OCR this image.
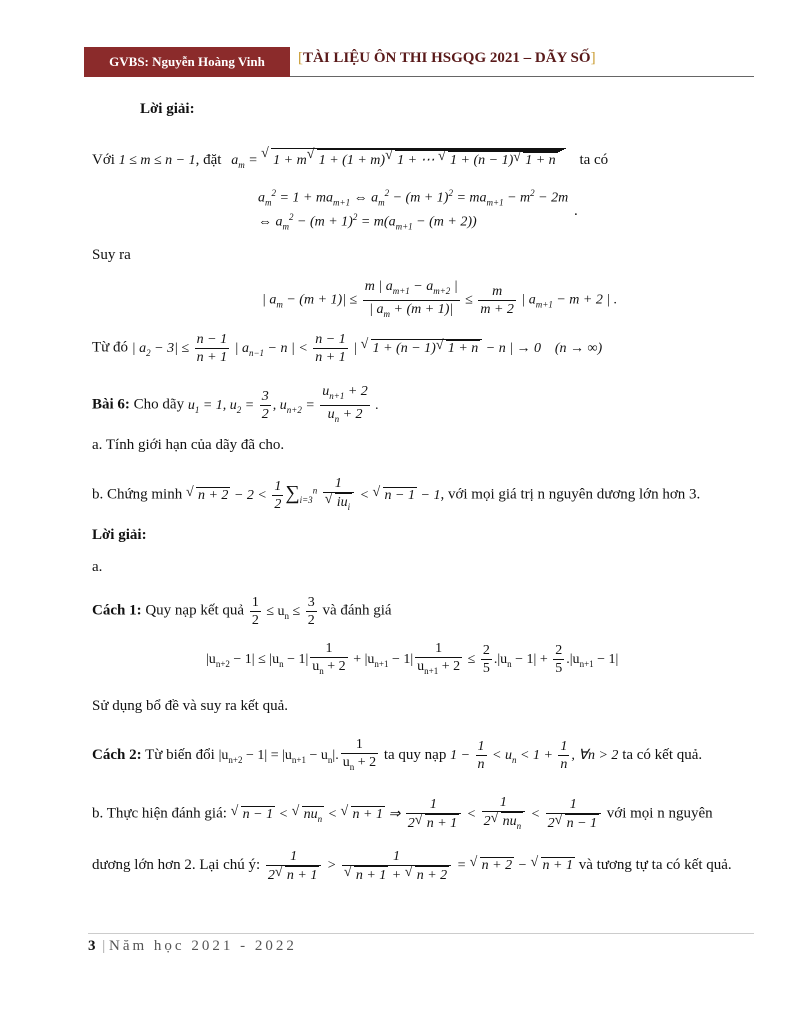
GVBS: Nguyễn Hoàng Vinh	[TÀI LIỆU ÔN THI HSGQG 2021 – DÃY SỐ]
Lời giải:
Với 1 ≤ m ≤ n − 1, đặt $a_m$ = √ 1 + m √ 1 + (1 + m) √ 1 + ⋯ √ 1 + (n − 1) √ 1 + n ta có
$a_m^2 = 1 + ma_{m+1}$ ⇔ $a_m^2 - (m + 1)^2 = ma_{m+1} - m^2 - 2m$
⇔ $a_m^2 - (m + 1)^2 = m(a_{m+1} - (m + 2))$
.
Suy ra
| $a_m - (m + 1)| \le \frac{m | a_{m+1} - a_{m+2} |}{| a_m + (m + 1)|} \le \frac{m}{m + 2}$ | $a_{m+1} - m + 2$ | .
Từ đó | $a_2 - 3| \le \frac{n - 1}{n + 1}$ | $a_{n-1} - n$ | < $\frac{n - 1}{n + 1}$ | √ 1 + (n − 1) √ 1 + n − n | → 0 (n → ∞)
Bài 6: Cho dãy $u_1 = 1$, $u_2 = \frac{3}{2}$ , $u_{n+2} = \frac{u_{n+1} + 2}{u_n + 2}$ .
a. Tính giới hạn của dãy đã cho.
b. Chứng minh √ $n + 2 - 2 < \frac{1}{2} \sum_{i=3}^n$ 1
√ $iu_i$ < √ n − 1 − 1, với mọi giá trị n nguyên dương lớn hơn 3.
Lời giải:
a.
Cách 1: Quy nạp kết quả $\frac{1}{2} \le u_n \le \frac{3}{2}$ và đánh giá
$|u_{n+2} - 1| \le |u_n - 1| \frac{1}{u_n + 2} + |u_{n+1} - 1| \frac{1}{u_{n+1} + 2} \le \frac{2}{5} .|u_n - 1| + \frac{2}{5} .|u_{n+1} - 1|$
Sử dụng bổ đề và suy ra kết quả.
Cách 2: Từ biến đổi $|u_{n+2} - 1| = |u_{n+1} - u_n|$. $\frac{1}{u_n + 2}$ ta quy nạp $1 - \frac{1}{n} < u_n < 1 + \frac{1}{n}$ , ∀n > 2 ta có kết quả.
b. Thực hiện đánh giá: √ n − 1 < √ $nu_n$ < √ n + 1 ⇒ $\frac{1}{2 √ n + 1} < \frac{1}{2 √ nu_n} < \frac{1}{2 √ n - 1}$ với mọi n nguyên
dương lớn hơn 2. Lại chú ý: $\frac{1}{2 √ n + 1} > 1$
√ n + 1 + √ n + 2 = √ n + 2 − √ n + 1 và tương tự ta có kết quả.
3 | Năm học 2021 - 2022
